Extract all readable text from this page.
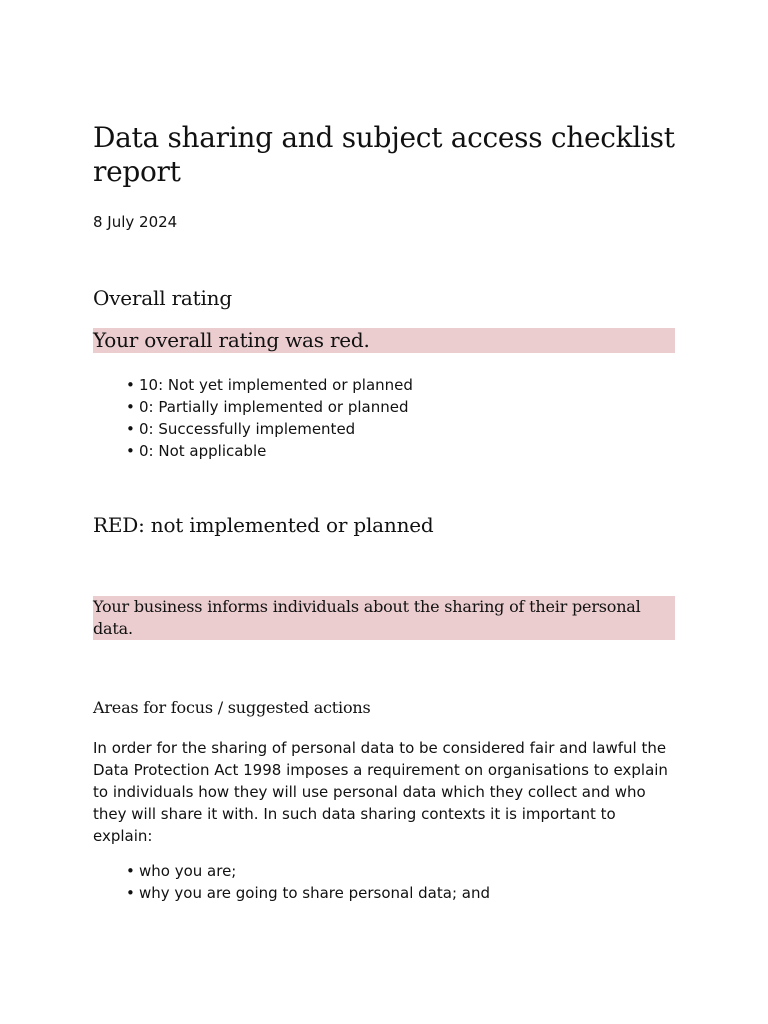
Data sharing and subject access checklist report
8 July 2024
Overall rating
Your overall rating was red.
• 10: Not yet implemented or planned
• 0: Partially implemented or planned
• 0: Successfully implemented
• 0: Not applicable
RED: not implemented or planned
Your business informs individuals about the sharing of their personal data.
Areas for focus / suggested actions

In order for the sharing of personal data to be considered fair and lawful the Data Protection Act 1998 imposes a requirement on organisations to explain to individuals how they will use personal data which they collect and who they will share it with. In such data sharing contexts it is important to explain:

• who you are;
• why you are going to share personal data; and
